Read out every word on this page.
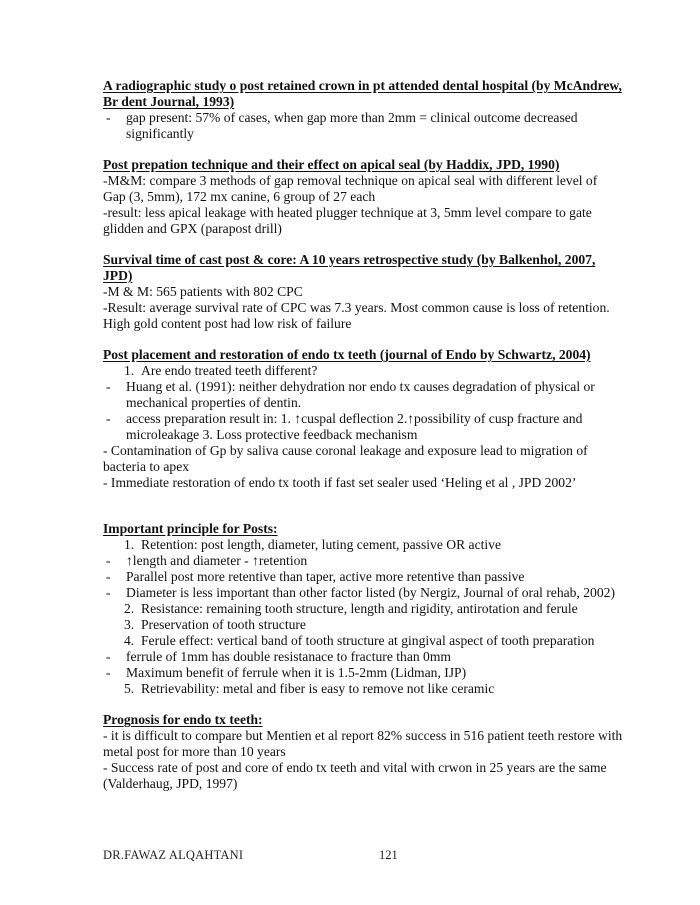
A radiographic study o post retained crown in pt attended dental hospital (by McAndrew, Br dent Journal, 1993)
- gap present: 57% of cases, when gap more than 2mm = clinical outcome decreased significantly
Post prepation technique and their effect on apical seal (by Haddix, JPD, 1990)
-M&M: compare 3 methods of gap removal technique on apical seal with different level of Gap (3, 5mm), 172 mx canine, 6 group of 27 each
-result: less apical leakage with heated plugger technique at 3, 5mm level compare to gate glidden and GPX (parapost drill)
Survival time of cast post & core: A 10 years retrospective study (by Balkenhol, 2007, JPD)
-M & M: 565 patients with 802 CPC
-Result: average survival rate of CPC was 7.3 years. Most common cause is loss of retention. High gold content post had low risk of failure
Post placement and restoration of endo tx teeth (journal of Endo by Schwartz, 2004)
1. Are endo treated teeth different?
- Huang et al. (1991): neither dehydration nor endo tx causes degradation of physical or mechanical properties of dentin.
- access preparation result in: 1. ↑cuspal deflection 2.↑possibility of cusp fracture and microleakage 3. Loss protective feedback mechanism
- Contamination of Gp by saliva cause coronal leakage and exposure lead to migration of bacteria to apex
- Immediate restoration of endo tx tooth if fast set sealer used ‘Heling et al , JPD 2002’
Important principle for Posts:
1. Retention: post length, diameter, luting cement, passive OR active
- ↑length and diameter - ↑retention
- Parallel post more retentive than taper, active more retentive than passive
- Diameter is less important than other factor listed (by Nergiz, Journal of oral rehab, 2002)
2. Resistance: remaining tooth structure, length and rigidity, antirotation and ferule
3. Preservation of tooth structure
4. Ferule effect: vertical band of tooth structure at gingival aspect of tooth preparation
- ferrule of 1mm has double resistanace to fracture than 0mm
- Maximum benefit of ferrule when it is 1.5-2mm (Lidman, IJP)
5. Retrievability: metal and fiber is easy to remove not like ceramic
Prognosis for endo tx teeth:
- it is difficult to compare but Mentien et al report 82% success in 516 patient teeth restore with metal post for more than 10 years
- Success rate of post and core of endo tx teeth and vital with crwon in 25 years are the same (Valderhaug, JPD, 1997)
DR.FAWAZ ALQAHTANI	121
